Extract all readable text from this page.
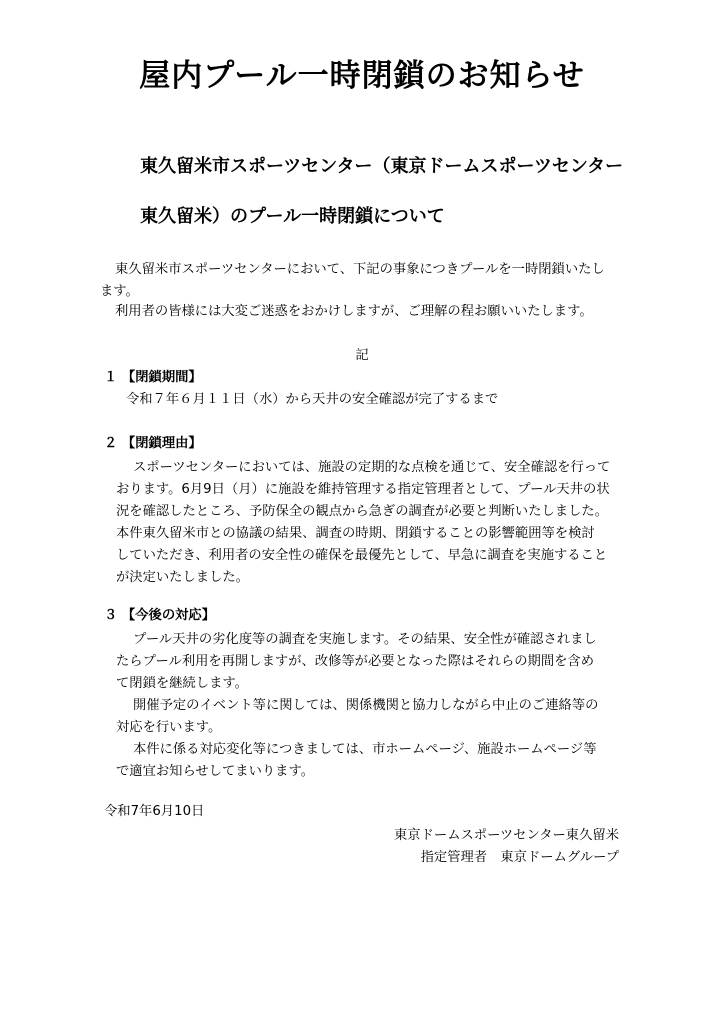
屋内プール一時閉鎖のお知らせ
東久留米市スポーツセンター（東京ドームスポーツセンター
東久留米）のプール一時閉鎖について
東久留米市スポーツセンターにおいて、下記の事象につきプールを一時閉鎖いたし
ます。
利用者の皆様には大変ご迷惑をおかけしますが、ご理解の程お願いいたします。
記
１ 【閉鎖期間】
令和７年６月１１日（水）から天井の安全確認が完了するまで
２ 【閉鎖理由】
スポーツセンターにおいては、施設の定期的な点検を通じて、安全確認を行って
おります。6月9日（月）に施設を維持管理する指定管理者として、プール天井の状
況を確認したところ、予防保全の観点から急ぎの調査が必要と判断いたしました。
本件東久留米市との協議の結果、調査の時期、閉鎖することの影響範囲等を検討
していただき、利用者の安全性の確保を最優先として、早急に調査を実施すること
が決定いたしました。
３ 【今後の対応】
プール天井の劣化度等の調査を実施します。その結果、安全性が確認されまし
たらプール利用を再開しますが、改修等が必要となった際はそれらの期間を含め
て閉鎖を継続します。
開催予定のイベント等に関しては、関係機関と協力しながら中止のご連絡等の
対応を行います。
本件に係る対応変化等につきましては、市ホームページ、施設ホームページ等
で適宜お知らせしてまいります。
令和7年6月10日
東京ドームスポーツセンター東久留米
指定管理者　東京ドームグループ
